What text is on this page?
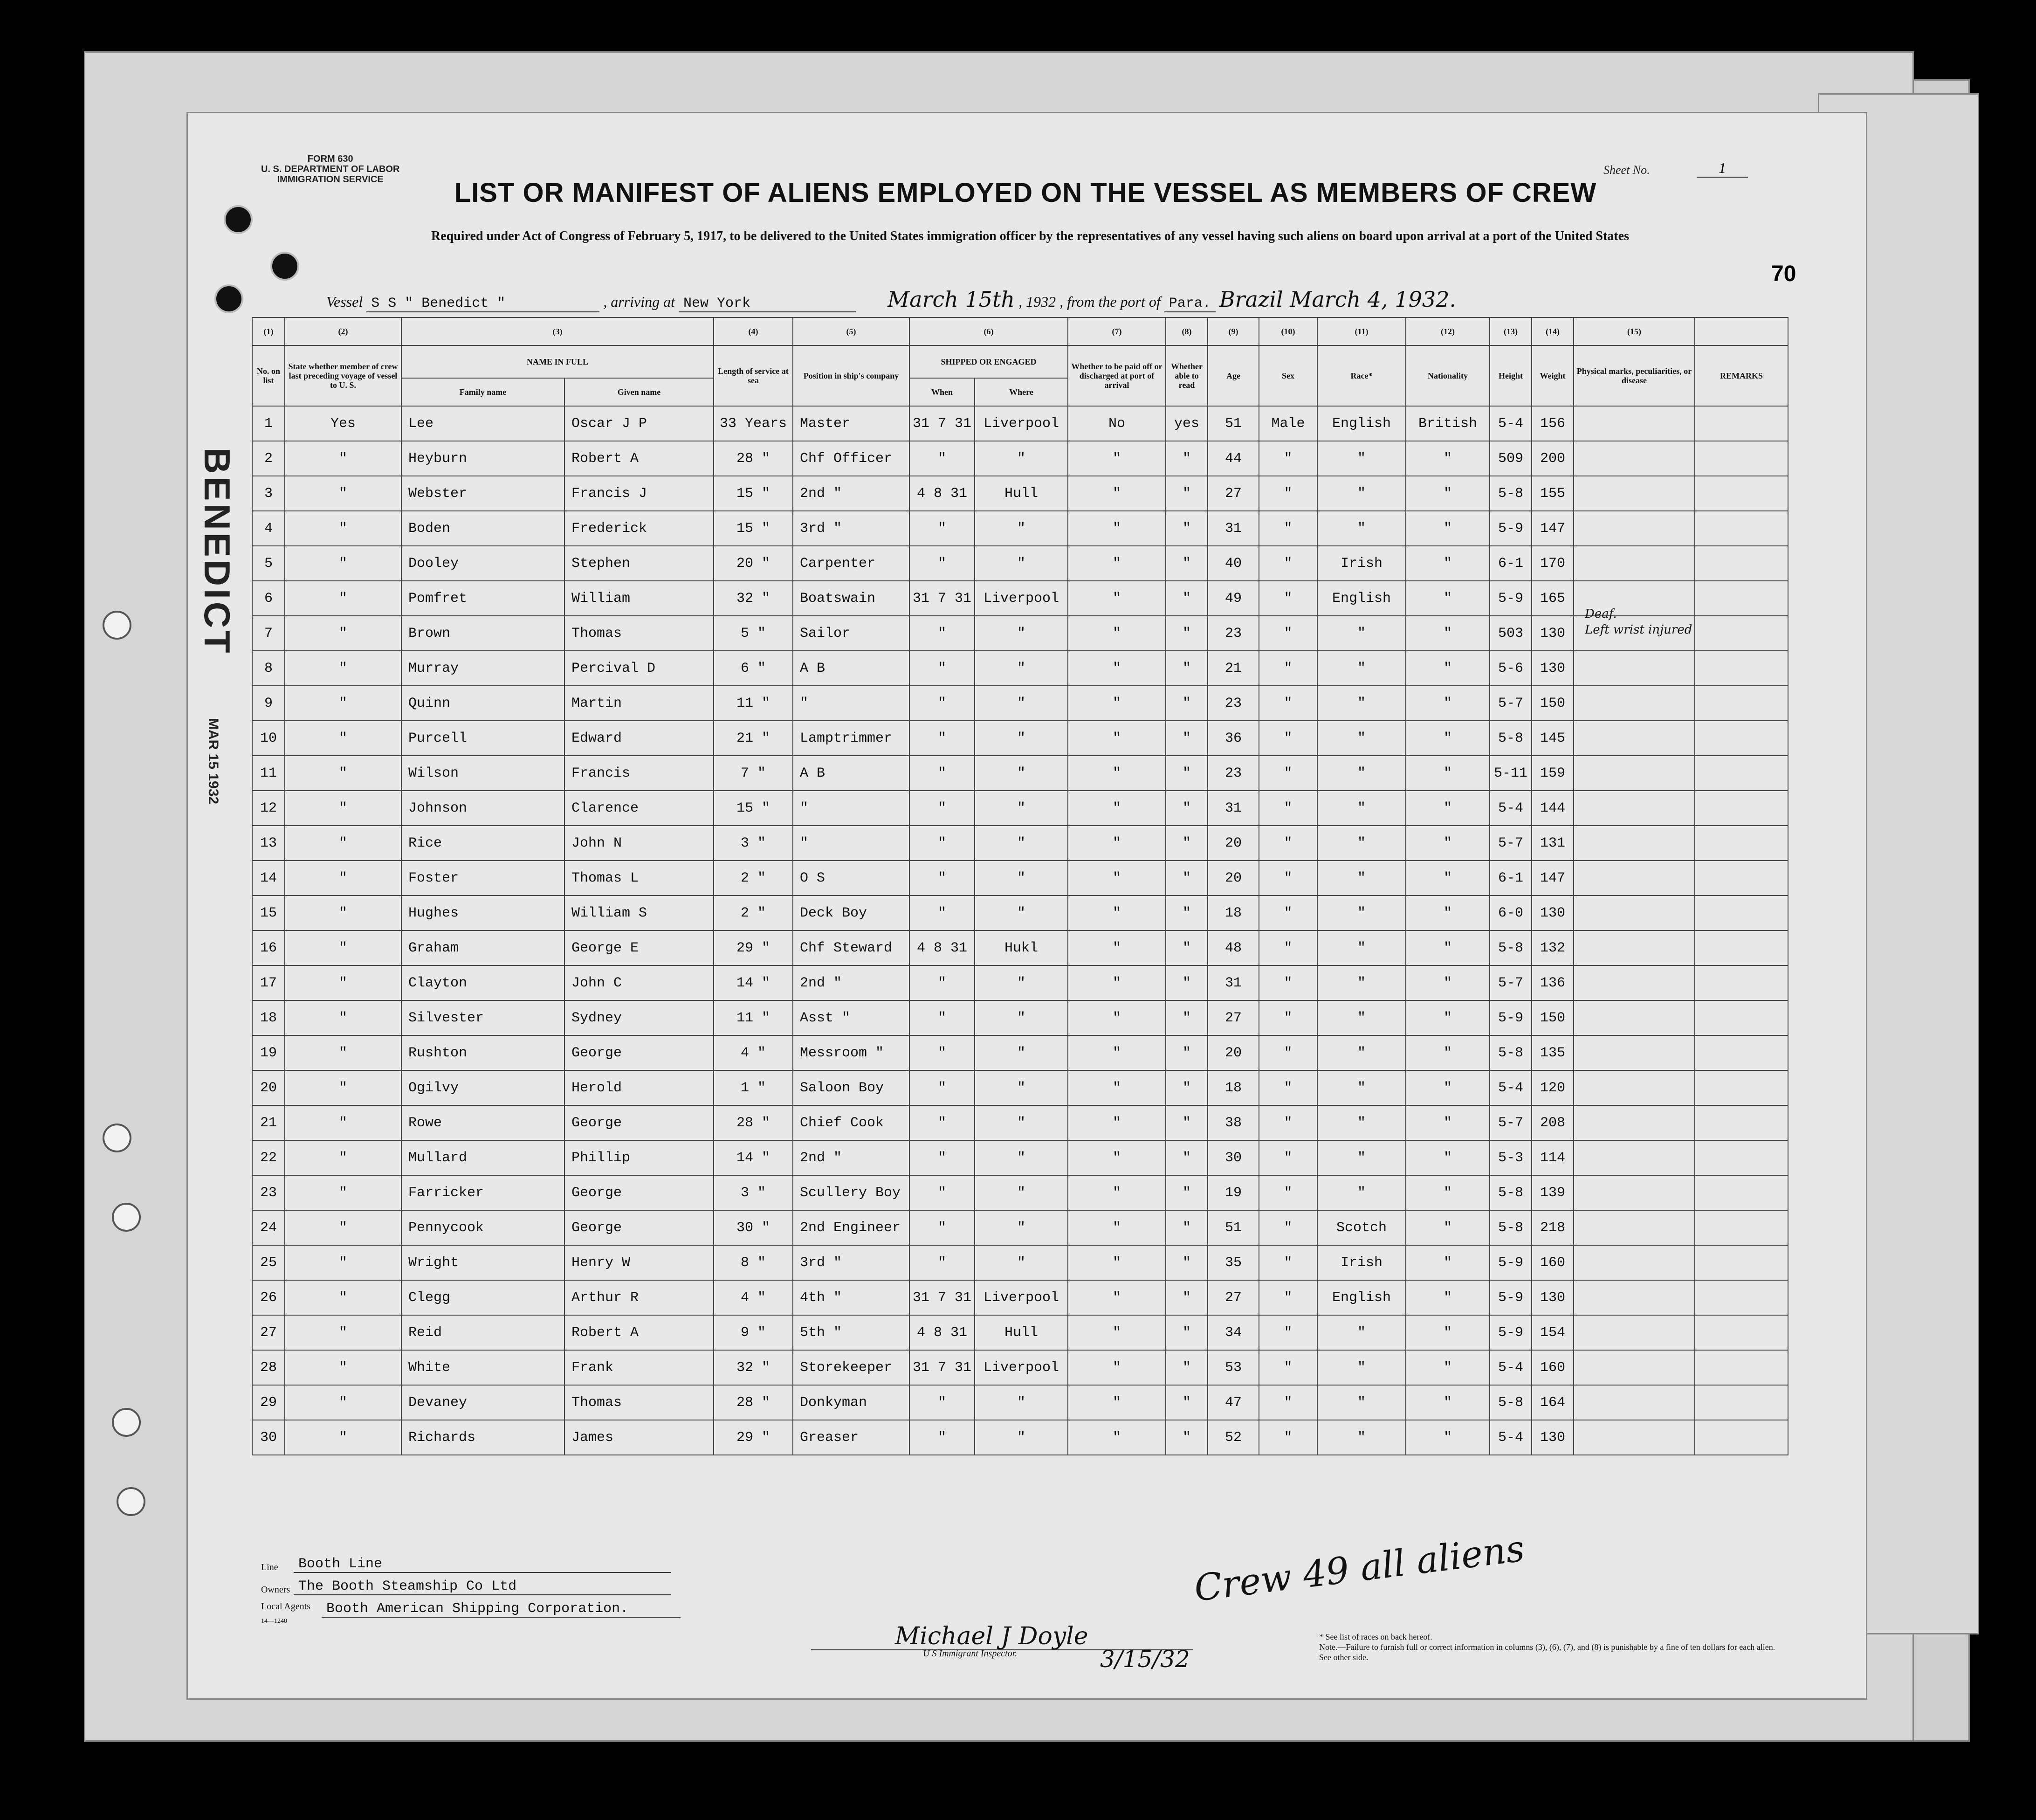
FORM 630
U. S. DEPARTMENT OF LABOR
IMMIGRATION SERVICE
Sheet No.	1
LIST OR MANIFEST OF ALIENS EMPLOYED ON THE VESSEL AS MEMBERS OF CREW
Required under Act of Congress of February 5, 1917, to be delivered to the United States immigration officer by the representatives of any vessel having such aliens on board upon arrival at a port of the United States
70
Vessel S S " Benedict "	, arriving at New York	March 15th , 1932 , from the port of Para. Brazil March 4, 1932.
BENEDICT
MAR 15 1932
(1)	(2)	(3)		(4)	(5)	(6)		(7)	(8)	(9)	(10)	(11)	(12)	(13)	(14)	(15)	
No. on list	State whether member of crew last preceding voyage of vessel to U. S.	NAME IN FULL		Length of service at sea	Position in ship's company	SHIPPED OR ENGAGED		Whether to be paid off or discharged at port of arrival	Whether able to read	Age	Sex	Race*	Nationality	Height	Weight	Physical marks, peculiarities, or disease	REMARKS
		Family name	Given name			When	Where										
1	Yes	Lee	Oscar J P	33 Years	Master	31 7 31	Liverpool	No	yes	51	Male	English	British	5-4	156		
2	"	Heyburn	Robert A	28 "	Chf Officer	"	"	"	"	44	"	"	"	509	200		
3	"	Webster	Francis J	15 "	2nd "	4 8 31	Hull	"	"	27	"	"	"	5-8	155		
4	"	Boden	Frederick	15 "	3rd "	"	"	"	"	31	"	"	"	5-9	147		
5	"	Dooley	Stephen	20 "	Carpenter	"	"	"	"	40	"	Irish	"	6-1	170		
6	"	Pomfret	William	32 "	Boatswain	31 7 31	Liverpool	"	"	49	"	English	"	5-9	165		
7	"	Brown	Thomas	5 "	Sailor	"	"	"	"	23	"	"	"	503	130		
8	"	Murray	Percival D	6 "	A B	"	"	"	"	21	"	"	"	5-6	130		
9	"	Quinn	Martin	11 "	"	"	"	"	"	23	"	"	"	5-7	150		
10	"	Purcell	Edward	21 "	Lamptrimmer	"	"	"	"	36	"	"	"	5-8	145		
11	"	Wilson	Francis	7 "	A B	"	"	"	"	23	"	"	"	5-11	159		
12	"	Johnson	Clarence	15 "	"	"	"	"	"	31	"	"	"	5-4	144		
13	"	Rice	John N	3 "	"	"	"	"	"	20	"	"	"	5-7	131		
14	"	Foster	Thomas L	2 "	O S	"	"	"	"	20	"	"	"	6-1	147		
15	"	Hughes	William S	2 "	Deck Boy	"	"	"	"	18	"	"	"	6-0	130		
16	"	Graham	George E	29 "	Chf Steward	4 8 31	Hukl	"	"	48	"	"	"	5-8	132		
17	"	Clayton	John C	14 "	2nd "	"	"	"	"	31	"	"	"	5-7	136		
18	"	Silvester	Sydney	11 "	Asst "	"	"	"	"	27	"	"	"	5-9	150		
19	"	Rushton	George	4 "	Messroom "	"	"	"	"	20	"	"	"	5-8	135		
20	"	Ogilvy	Herold	1 "	Saloon Boy	"	"	"	"	18	"	"	"	5-4	120		
21	"	Rowe	George	28 "	Chief Cook	"	"	"	"	38	"	"	"	5-7	208		
22	"	Mullard	Phillip	14 "	2nd "	"	"	"	"	30	"	"	"	5-3	114		
23	"	Farricker	George	3 "	Scullery Boy	"	"	"	"	19	"	"	"	5-8	139		
24	"	Pennycook	George	30 "	2nd Engineer	"	"	"	"	51	"	Scotch	"	5-8	218		
25	"	Wright	Henry W	8 "	3rd "	"	"	"	"	35	"	Irish	"	5-9	160		
26	"	Clegg	Arthur R	4 "	4th "	31 7 31	Liverpool	"	"	27	"	English	"	5-9	130		
27	"	Reid	Robert A	9 "	5th "	4 8 31	Hull	"	"	34	"	"	"	5-9	154		
28	"	White	Frank	32 "	Storekeeper	31 7 31	Liverpool	"	"	53	"	"	"	5-4	160		
29	"	Devaney	Thomas	28 "	Donkyman	"	"	"	"	47	"	"	"	5-8	164		
30	"	Richards	James	29 "	Greaser	"	"	"	"	52	"	"	"	5-4	130		
Deaf.
Left wrist injured
Line	Booth Line
Owners The Booth Steamship Co Ltd
Local Agents
14—1240
Booth American Shipping Corporation.	Crew 49 all aliens
Michael J Doyle
U S Immigrant Inspector.	3/15/32
* See list of races on back hereof.
Note.—Failure to furnish full or correct information in columns (3), (6), (7), and (8) is punishable by a fine of ten dollars for each alien. See other side.
